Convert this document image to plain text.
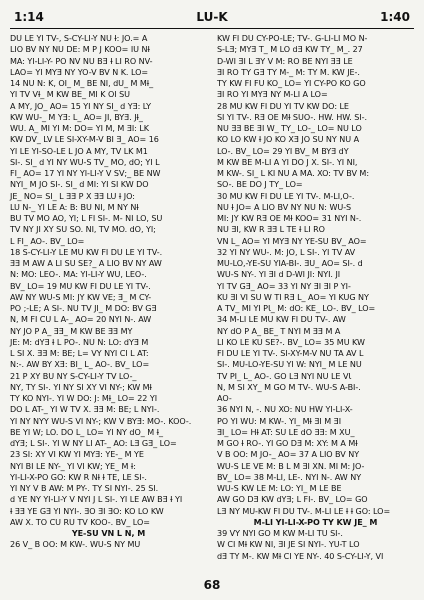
1:14	LU-K	1:40

DU LE YI TV-, S-CY-LI-Y NU Ɨ: JO.= A

LIO BV NY NU DE: M P J KOO= IU NƗ

MA: YI-LI-Y- PO NV NU BƎ Ɨ LI RO NV-

LAO= YI MYƎ NY YO-V BV N K. LO=

14 NU N: K, OI_ M_ BE NI, dU_ M MƗ_

YI TV VƗ_ M KW BE_ MI K OI SU

A MY, JO_ AO= 15 YI NY SI_ d YƎ: LY

KW WU-_ M YƎ: L_ AO= JI, BYƎ. JƗ_

WU. A_ MI YI M: DO= YI M, M ƎI: LK

KW DV_ LV LE SI-XY-M-V BI Ǝ_ AO= 16

YI LE YI-SO-LE L JO A MY, TV LK M1

SI-. SI_ d YI NY WU-S TV_ MO, dO; YI L

FI_ AO= 17 YI NY YI-LI-Y V SV;_ BE NW

NYI_ M JO SI-. SI_ d MI: YI SI KW DO

JE_ NO= SI_ L ƎƎ P X ƎƎ LU Ɨ JO:

LU N-_ YI LE A: B: BU NI, M NY NƗ

BU TV MO AO, YI; L FI SI-. M- NI LO, SU

TV NY JI XY SU SO. NI, TV MO. dO, YI;

L FI_ AO-. BV_ LO=

18 S-CY-LI-Y LE MU KW FI DU LE YI TV-.

ƎƎ M AW A LI SU SE?_ A LIO BV NY AW

N: MO: LEO-. MA: YI-LI-Y WU, LEO-.

BV_ LO= 19 MU KW FI DU LE YI TV-.

AW NY WU-S MI: JY KW VE; Ǝ_ M CY-

PO ;-LE; A SI-. NU TV JI_ M DO: BV GƎ

N, M FI CU L A-_ AO= 20 NYI N-. AW

NY JO P A_ ƎƎ_ M KW BE ƎƎ MY

JE: M: dYƎ Ɨ L PO-. NU N: LO: dYƎ M

L SI X. ƎƎ M: BE; L= VY NYI CI L AT:

N:-. AW BY XƎ: BI_ L_ AO-. BV_ LO=

21 P XY BU NY S-CY-LI-Y TV LO-_

NY, TY SI-. YI NY SI XY VI NY-; KW MƗ

TY KO NYI-. YI W DO: J: MƗ_ LO= 22 YI

DO L AT-_ YI W TV X. ƎƎ M: BE; L NYI-.

YI NY NYY WU-S VI NY-; KW V BYƎ: MO-. KOO-.

BE YI W; LO. DO L_ LO= YI NY dO_ M Ɨ_

dYƎ; L SI-. YI W NY LI AT-_ AO: LƎ GƎ_ LO=

23 SI: XY VI KW YI MYƎ: YE-_ M YE

NYI BI LE NY-_ YI VI KW; YE_ M Ɨ:

YI-LI-X-PO GO: KW R NƗ Ɨ TE, LE SI-.

YI NY V B AW: M PY-. TY SI NYI-. 25 SI.

d YE NY YI-LI-Y V NYI J L SI-. YI LE AW BƎ Ɨ YI

Ɨ ƎƎ YE GƎ YI NYI-. ƎO ƎI ƎO: KO LO KW

AW X. TO CU RU TV KOO-. BV_ LO=

YE-SU VN L N, M

26 V_ B OO: M KW-. WU-S NY MU

KW FI DU CY-PO-LE; TV-. G-LI-LI MO N-

S-LƎ; MYƎ T_ M LO dƎ KW TY_ M_. 27

D-WI ƎI L ƎY V M: RO BE NYI ƎƎ LE

ƎI RO TY GƎ TY M-_ M: TY M. KW JE-.

TY KW FI FU KO_ LO= YI CY-PO KO GO

ƎI RO YI MYƎ NY M-LI A LO=

28 MU KW FI DU YI TV KW DO: LE

SI YI TV-. RƎ OE MƗ SUO-. HW. HW. SI-.

NU ƎƎ BE ƎI W_ TY_ LO-_ LO= NU LO

KO LO KW Ɨ JO KO XƎ JO SU NY NU A

LO-. BV_ LO= 29 YI BV_ M BYƎ dY

M KW BE M-LI A YI DO J X. SI-. YI NI,

M KW-. SI_ L KI NU A MA. XO: TV BV M:

SO-. BE DO J TY_ LO=

30 MU KW FI DU LE YI TV-. M-LI,O-.

NU Ɨ JO= A LIO BV NY NU N: WU-S

MI: JY KW RƎ OE MƗ KOO= 31 NYI N-.

NU ƎI, KW R ƎƎ L TE Ɨ LI RO

VN L_ AO= YI MYƎ NY YE-SU BV_ AO=

32 YI NY WU-. M: JO, L SI-. YI TV AV

MU-LO,-YE-SU YIA-BI-. ƎU_ AO= SI-. d

WU-S NY-. YI ƎI d D-WI JI: NYI. JI

YI TV GƎ_ AO= 33 YI NY ƎI ƎI P YI-

KU ƎI VI SU W TI RƎ L_ AO= YI KUG NY

A TV_ MI YI PƖ_ M: dO: KE_ LO-. BV_ LO=

34 M-LI LE MU KW FI DU TV-. AW

NY dO P A_ BE_ T NYI M ƎƎ M A

LI KO LE KU SE?-. BV_ LO= 35 MU KW

FI DU LE YI TV-. SI-XY-M-V NU TA AV L

SI-. MU-LO-YE-SU YI W: NYI_ M LE NU

TV PI_ L_ AO-. GO LƎ NYI NU LE VƖ

N, M SI XY_ M GO M TV-. WU-S A-BI-.

AO-

36 NYI N, -. NU XO: NU HW YI-LI-X-

PO YI WU: M KW-. YI_ MƗ ƎI M ƎI

ƎI_ LO= HƗ AT: SU LE dO ƎƎ: M XU_

M GO Ɨ RO-. YI GO DƎ M: XY: M A MƗ

V B OO: M JO-_ AO= 37 A LIO BV NY

WU-S LE VE M: B L M ƎI XN. MI M: JO-

BV_ LO= 38 M-LI, LE-. NYI N-. AW NY

WU-S KW LE M: LO: YI_ M LE BE

AW GO DƎ KW dYƎ; L FI-. BV_ LO= GO

LƎ NY MU-KW FI DU TV-. M-LI LE Ɨ Ɨ GO: LO=

M-LI YI-LI-X-PO TY KW JE_ M

39 VY NYI GO M KW M-LI TU SI-.

W CI MƗ KW NI, ƎI JE SI NYI-. YU-T LO

dƎ TY M-. KW MƗ CI YE NY-. 40 S-CY-LI-Y, VI

68
